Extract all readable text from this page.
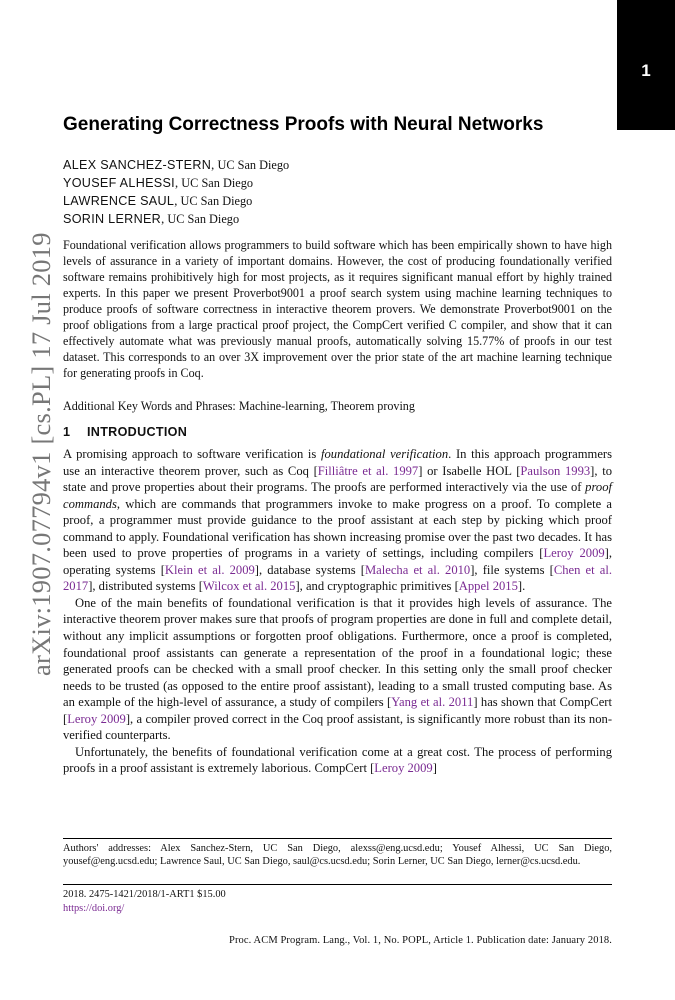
1
arXiv:1907.07794v1 [cs.PL] 17 Jul 2019
Generating Correctness Proofs with Neural Networks
ALEX SANCHEZ-STERN, UC San Diego
YOUSEF ALHESSI, UC San Diego
LAWRENCE SAUL, UC San Diego
SORIN LERNER, UC San Diego

Foundational verification allows programmers to build software which has been empirically shown to have high levels of assurance in a variety of important domains. However, the cost of producing foundationally verified software remains prohibitively high for most projects, as it requires significant manual effort by highly trained experts. In this paper we present Proverbot9001 a proof search system using machine learning techniques to produce proofs of software correctness in interactive theorem provers. We demonstrate Proverbot9001 on the proof obligations from a large practical proof project, the CompCert verified C compiler, and show that it can effectively automate what was previously manual proofs, automatically solving 15.77% of proofs in our test dataset. This corresponds to an over 3X improvement over the prior state of the art machine learning technique for generating proofs in Coq.

Additional Key Words and Phrases: Machine-learning, Theorem proving

1 INTRODUCTION

A promising approach to software verification is foundational verification. In this approach programmers use an interactive theorem prover, such as Coq [Filliâtre et al. 1997] or Isabelle HOL [Paulson 1993], to state and prove properties about their programs. The proofs are performed interactively via the use of proof commands, which are commands that programmers invoke to make progress on a proof. To complete a proof, a programmer must provide guidance to the proof assistant at each step by picking which proof command to apply. Foundational verification has shown increasing promise over the past two decades. It has been used to prove properties of programs in a variety of settings, including compilers [Leroy 2009], operating systems [Klein et al. 2009], database systems [Malecha et al. 2010], file systems [Chen et al. 2017], distributed systems [Wilcox et al. 2015], and cryptographic primitives [Appel 2015].

One of the main benefits of foundational verification is that it provides high levels of assurance. The interactive theorem prover makes sure that proofs of program properties are done in full and complete detail, without any implicit assumptions or forgotten proof obligations. Furthermore, once a proof is completed, foundational proof assistants can generate a representation of the proof in a foundational logic; these generated proofs can be checked with a small proof checker. In this setting only the small proof checker needs to be trusted (as opposed to the entire proof assistant), leading to a small trusted computing base. As an example of the high-level of assurance, a study of compilers [Yang et al. 2011] has shown that CompCert [Leroy 2009], a compiler proved correct in the Coq proof assistant, is significantly more robust than its non-verified counterparts.

Unfortunately, the benefits of foundational verification come at a great cost. The process of performing proofs in a proof assistant is extremely laborious. CompCert [Leroy 2009]

Authors' addresses: Alex Sanchez-Stern, UC San Diego, alexss@eng.ucsd.edu; Yousef Alhessi, UC San Diego, yousef@eng.ucsd.edu; Lawrence Saul, UC San Diego, saul@cs.ucsd.edu; Sorin Lerner, UC San Diego, lerner@cs.ucsd.edu.

2018. 2475-1421/2018/1-ART1 $15.00
https://doi.org/

Proc. ACM Program. Lang., Vol. 1, No. POPL, Article 1. Publication date: January 2018.
